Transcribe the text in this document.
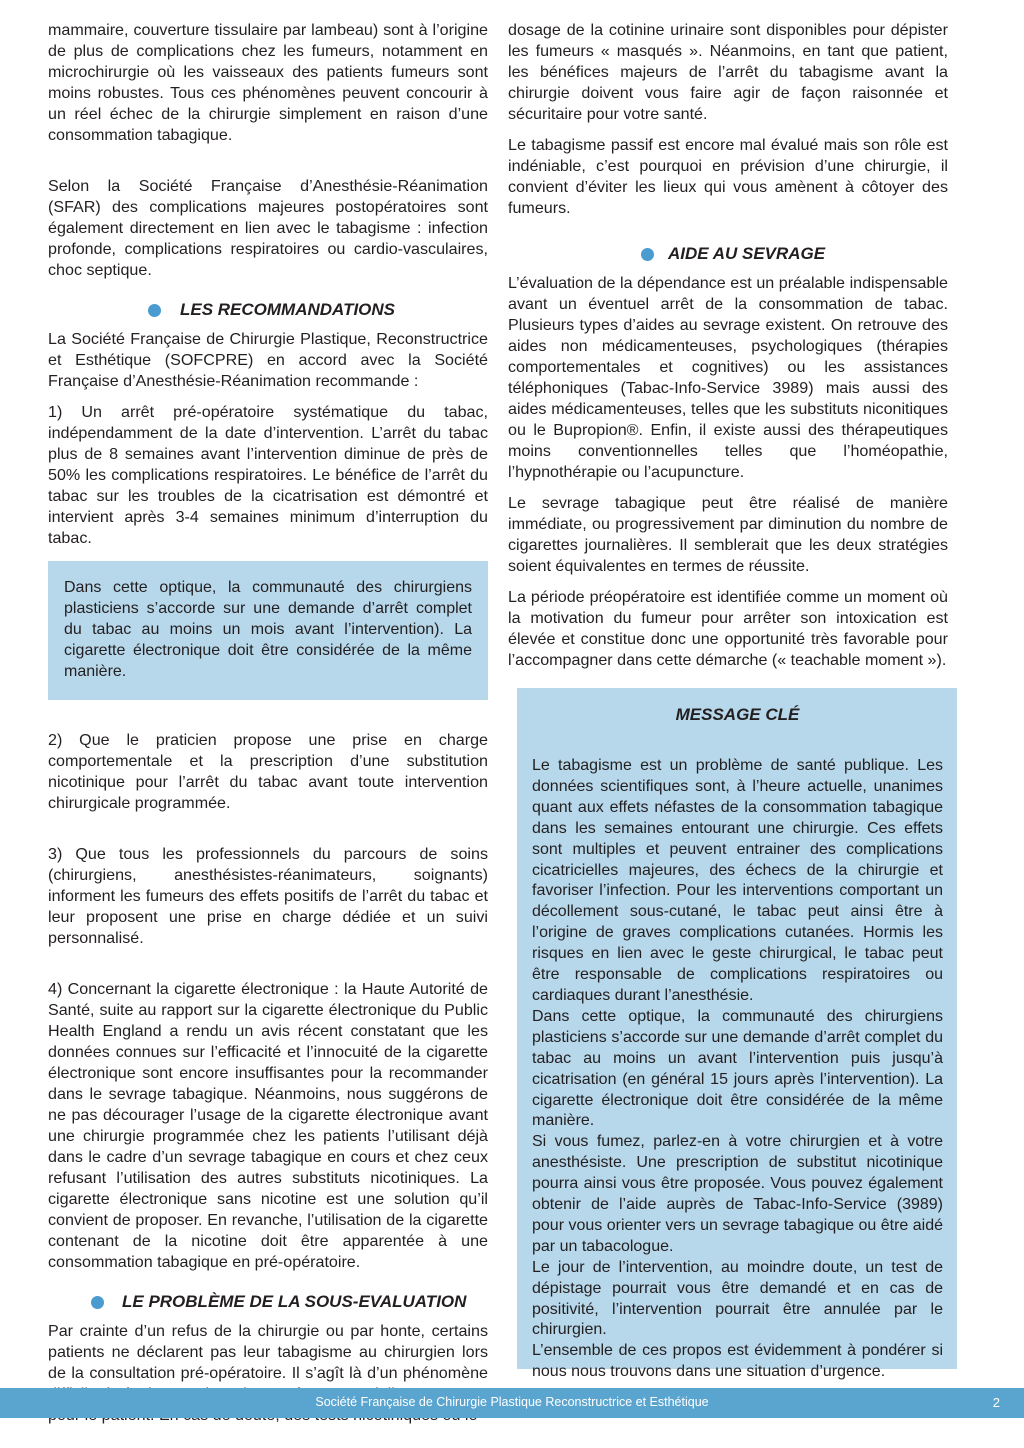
mammaire, couverture tissulaire par lambeau) sont à l’origine de plus de complications chez les fumeurs, notamment en microchirurgie où les vaisseaux des patients fumeurs sont moins robustes. Tous ces phénomènes peuvent concourir à un réel échec de la chirurgie simplement en raison d’une consommation tabagique.

Selon la Société Française d’Anesthésie-Réanimation (SFAR) des complications majeures postopératoires sont également directement en lien avec le tabagisme : infection profonde, complications respiratoires ou cardio-vasculaires, choc septique.

LES RECOMMANDATIONS

La Société Française de Chirurgie Plastique, Reconstructrice et Esthétique (SOFCPRE) en accord avec la Société Française d’Anesthésie-Réanimation recommande :

1) Un arrêt pré-opératoire systématique du tabac, indépendamment de la date d’intervention. L’arrêt du tabac plus de 8 semaines avant l’intervention diminue de près de 50% les complications respiratoires. Le bénéfice de l’arrêt du tabac sur les troubles de la cicatrisation est démontré et intervient après 3-4 semaines minimum d’interruption du tabac.

Dans cette optique, la communauté des chirurgiens plasticiens s’accorde sur une demande d’arrêt complet du tabac au moins un mois avant l’intervention). La cigarette électronique doit être considérée de la même manière.

2) Que le praticien propose une prise en charge comportementale et la prescription d’une substitution nicotinique pour l’arrêt du tabac avant toute intervention chirurgicale programmée.

3) Que tous les professionnels du parcours de soins (chirurgiens, anesthésistes-réanimateurs, soignants) informent les fumeurs des effets positifs de l’arrêt du tabac et leur proposent une prise en charge dédiée et un suivi personnalisé.

4) Concernant la cigarette électronique : la Haute Autorité de Santé, suite au rapport sur la cigarette électronique du Public Health England a rendu un avis récent constatant que les données connues sur l’efficacité et l’innocuité de la cigarette électronique sont encore insuffisantes pour la recommander dans le sevrage tabagique. Néanmoins, nous suggérons de ne pas décourager l’usage de la cigarette électronique avant une chirurgie programmée chez les patients l’utilisant déjà dans le cadre d’un sevrage tabagique en cours et chez ceux refusant l’utilisation des autres substituts nicotiniques. La cigarette électronique sans nicotine est une solution qu’il convient de proposer. En revanche, l’utilisation de la cigarette contenant de la nicotine doit être apparentée à une consommation tabagique en pré-opératoire.

LE PROBLÈME DE LA SOUS-EVALUATION

Par crainte d’un refus de la chirurgie ou par honte, certains patients ne déclarent pas leur tabagisme au chirurgien lors de la consultation pré-opératoire. Il s’agît là d’un phénomène

dosage de la cotinine urinaire sont disponibles pour dépister les fumeurs « masqués ». Néanmoins, en tant que patient, les bénéfices majeurs de l’arrêt du tabagisme avant la chirurgie doivent vous faire agir de façon raisonnée et sécuritaire pour votre santé.

Le tabagisme passif est encore mal évalué mais son rôle est indéniable, c’est pourquoi en prévision d’une chirurgie, il convient d’éviter les lieux qui vous amènent à côtoyer des fumeurs.

AIDE AU SEVRAGE

L’évaluation de la dépendance est un préalable indispensable avant un éventuel arrêt de la consommation de tabac. Plusieurs types d’aides au sevrage existent. On retrouve des aides non médicamenteuses, psychologiques (thérapies comportementales et cognitives) ou les assistances téléphoniques (Tabac-Info-Service 3989) mais aussi des aides médicamenteuses, telles que les substituts niconitiques ou le Bupropion®. Enfin, il existe aussi des thérapeutiques moins conventionnelles telles que l’homéopathie, l’hypnothérapie ou l’acupuncture.

Le sevrage tabagique peut être réalisé de manière immédiate, ou progressivement par diminution du nombre de cigarettes journalières. Il semblerait que les deux stratégies soient équivalentes en termes de réussite.

La période préopératoire est identifiée comme un moment où la motivation du fumeur pour arrêter son intoxication est élevée et constitue donc une opportunité très favorable pour l’accompagner dans cette démarche (« teachable moment »).

MESSAGE CLÉ

Le tabagisme est un problème de santé publique. Les données scientifiques sont, à l’heure actuelle, unanimes quant aux effets néfastes de la consommation tabagique dans les semaines entourant une chirurgie. Ces effets sont multiples et peuvent entrainer des complications cicatricielles majeures, des échecs de la chirurgie et favoriser l’infection. Pour les interventions comportant un décollement sous-cutané, le tabac peut ainsi être à l’origine de graves complications cutanées. Hormis les risques en lien avec le geste chirurgical, le tabac peut être responsable de complications respiratoires ou cardiaques durant l’anesthésie.

Dans cette optique, la communauté des chirurgiens plasticiens s’accorde sur une demande d’arrêt complet du tabac au moins un avant l’intervention puis jusqu’à cicatrisation (en général 15 jours après l’intervention). La cigarette électronique doit être considérée de la même manière.

Si vous fumez, parlez-en à votre chirurgien et à votre anesthésiste. Une prescription de substitut nicotinique pourra ainsi vous être proposée. Vous pouvez également obtenir de l’aide auprès de Tabac-Info-Service (3989) pour vous orienter vers un sevrage tabagique ou être aidé par un tabacologue.

Le jour de l’intervention, au moindre doute, un test de dépistage pourrait vous être demandé et en cas de positivité, l’intervention pourrait être annulée par le chirurgien.

L’ensemble de ces propos est évidemment à pondérer si nous nous trouvons dans une situation d’urgence.

Société Française de Chirurgie Plastique Reconstructrice et Esthétique	2
